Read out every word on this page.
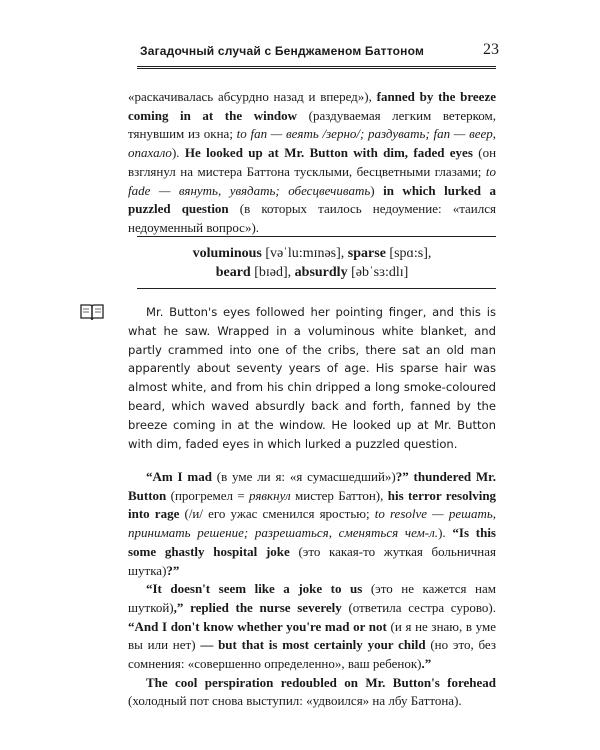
Загадочный случай с Бенджаменом Баттоном	23
«раскачивалась абсурдно назад и вперед»), fanned by the breeze coming in at the window (раздуваемая легким ветерком, тянувшим из окна; to fan — веять /зерно/; раздувать; fan — веер, опахало). He looked up at Mr. Button with dim, faded eyes (он взглянул на мистера Баттона тусклыми, бесцветными глазами; to fade — вянуть, увядать; обесцвечивать) in which lurked a puzzled question (в которых таилось недоумение: «таился недоуменный вопрос»).
voluminous [vəˈlu:mɪnəs], sparse [spɑ:s],
beard [bɪəd], absurdly [əbˈsɜ:dlɪ]
Mr. Button's eyes followed her pointing finger, and this is what he saw. Wrapped in a voluminous white blanket, and partly crammed into one of the cribs, there sat an old man apparently about seventy years of age. His sparse hair was almost white, and from his chin dripped a long smoke-coloured beard, which waved absurdly back and forth, fanned by the breeze coming in at the window. He looked up at Mr. Button with dim, faded eyes in which lurked a puzzled question.

“Am I mad (в уме ли я: «я сумасшедший»)?” thundered Mr. Button (прогремел = рявкнул мистер Баттон), his terror resolving into rage (/и/ его ужас сменился яростью; to resolve — решать, принимать решение; разрешаться, сменяться чем-л.). “Is this some ghastly hospital joke (это какая-то жуткая больничная шутка)?”

“It doesn't seem like a joke to us (это не кажется нам шуткой),” replied the nurse severely (ответила сестра сурово). “And I don't know whether you're mad or not (и я не знаю, в уме вы или нет) — but that is most certainly your child (но это, без сомнения: «совершенно определенно», ваш ребенок).”

The cool perspiration redoubled on Mr. Button's forehead (холодный пот снова выступил: «удвоился» на лбу Баттона).
